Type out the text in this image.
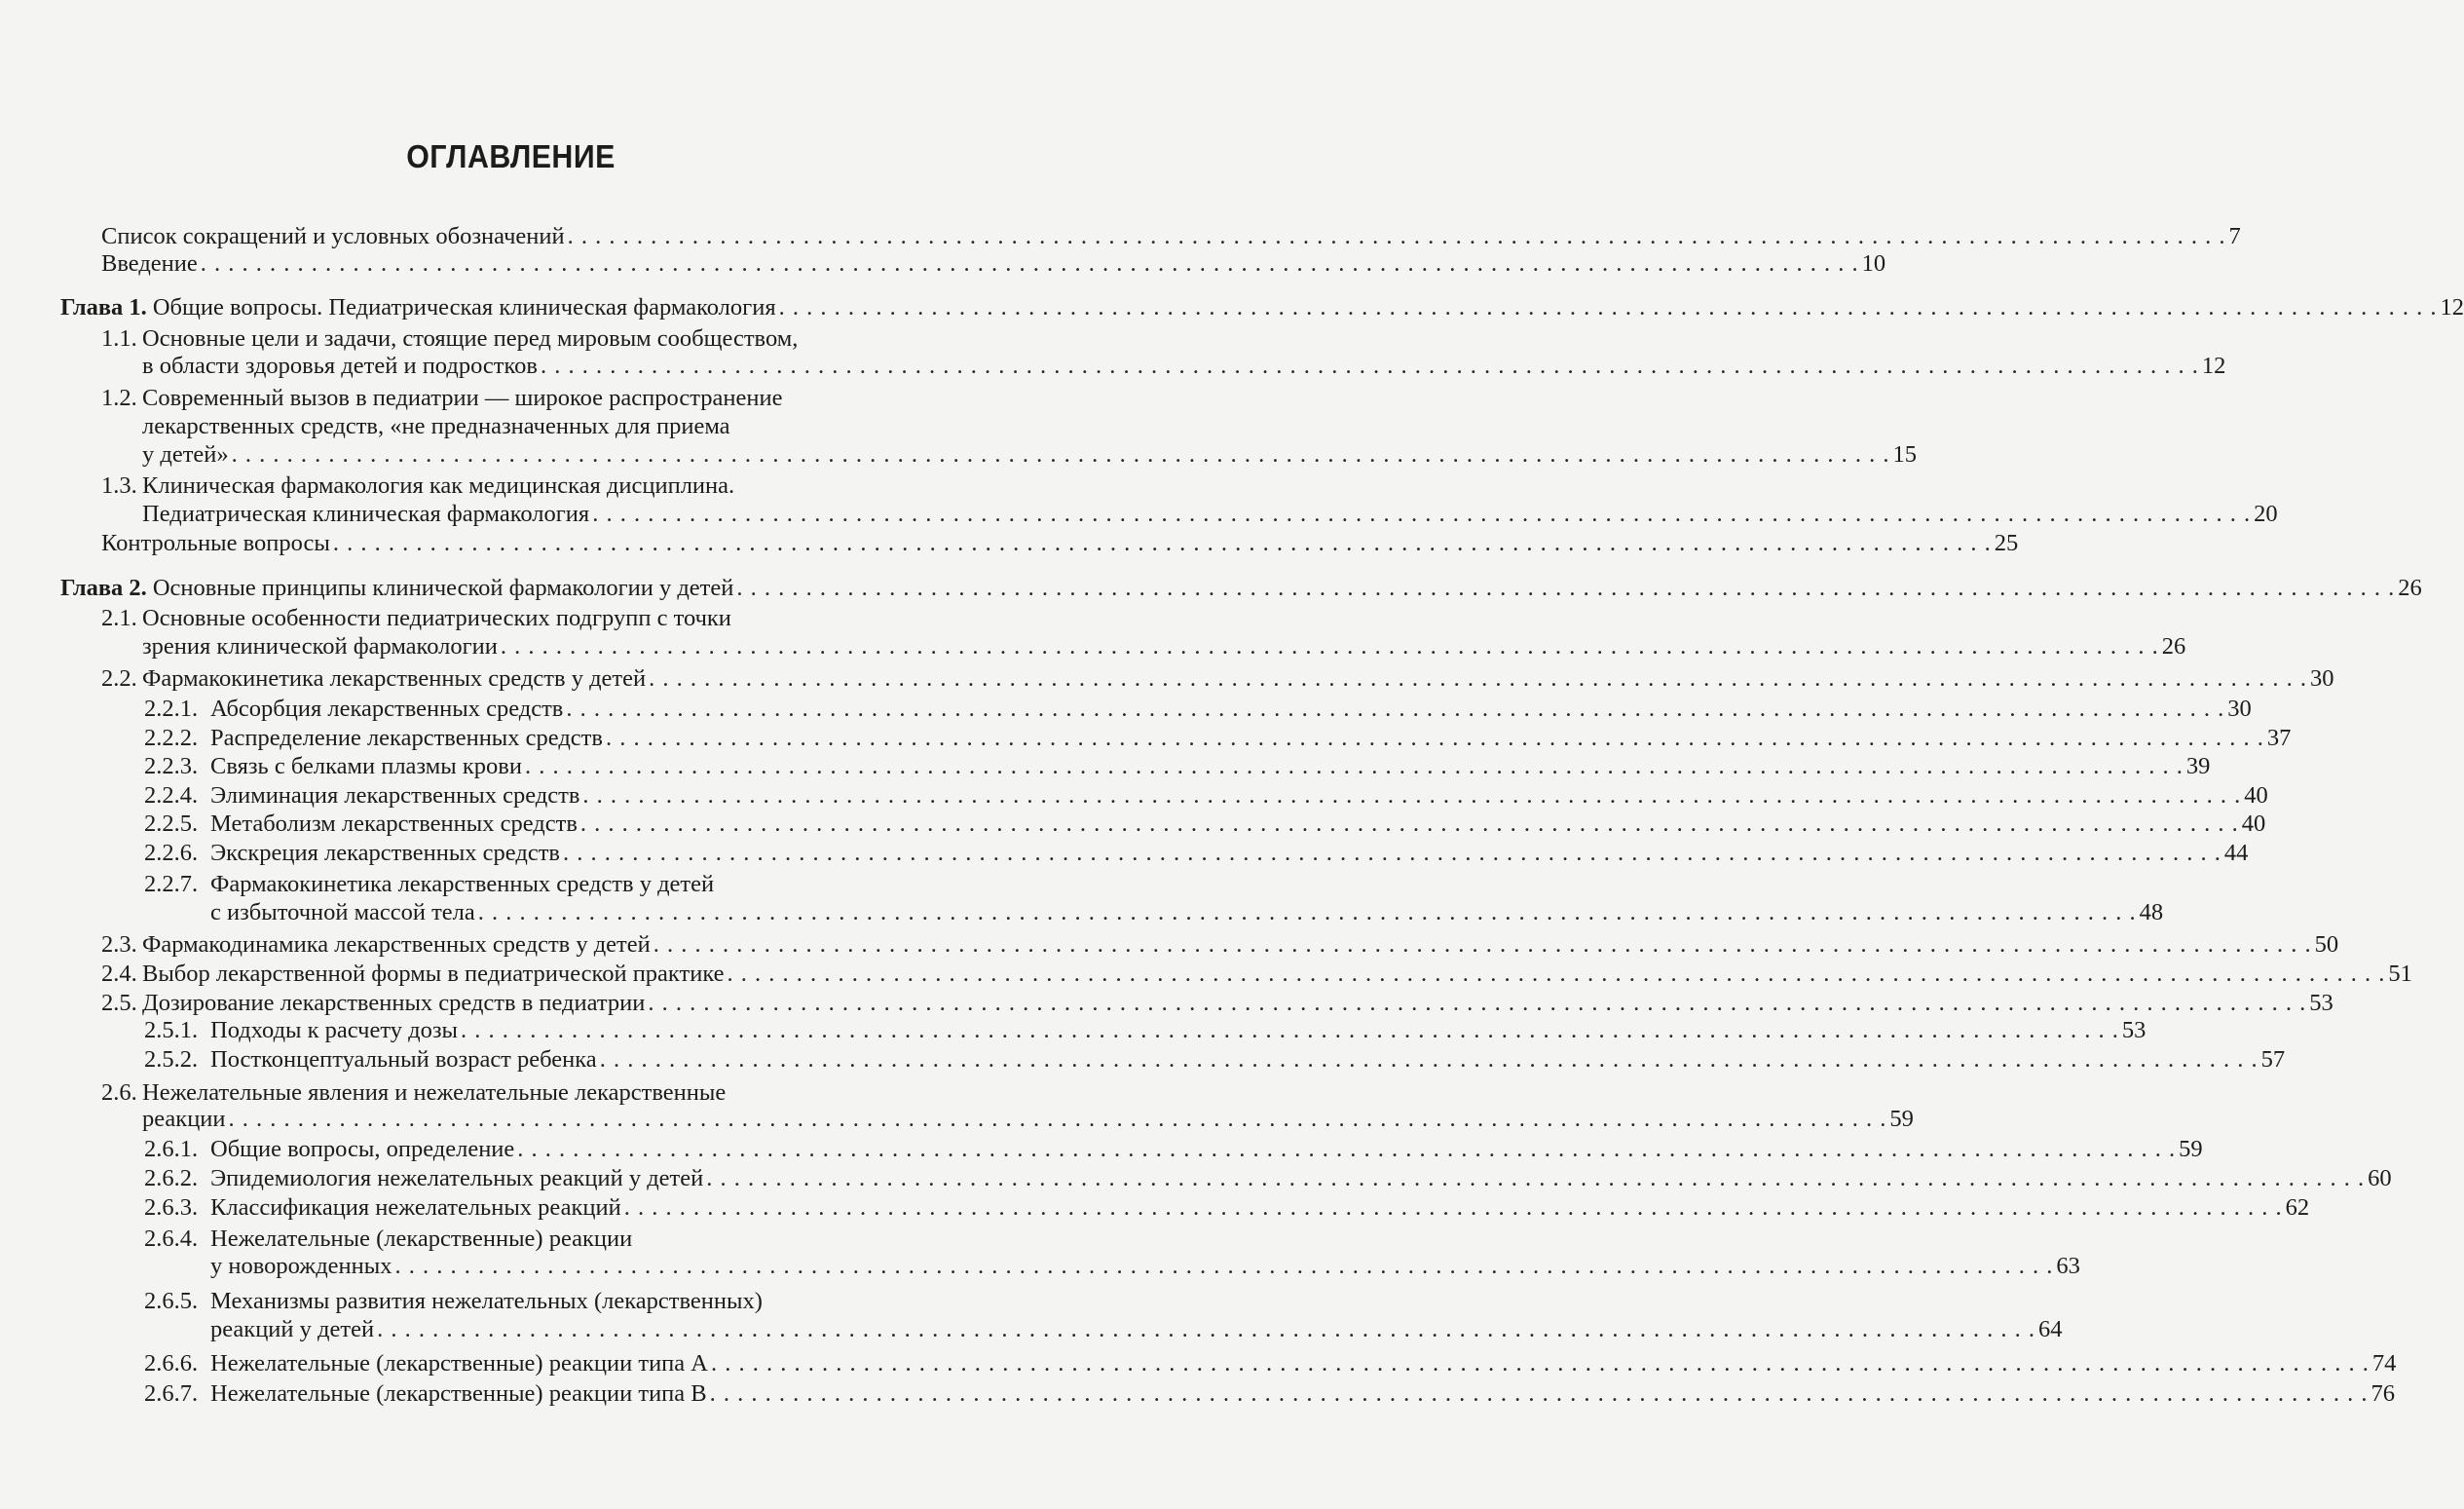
ОГЛАВЛЕНИЕ
Список сокращений и условных обозначений . . . . . . . . . . . . . . . . . . . . . . . . . . . . . . . . . . . . . . . . . . . . . . . . . . . . . . . . . . . . . . . . . . . . . . . . . . . . . . . . . . . . . . . . . . . . . . . . . . . . . . . . . . . . . . . . . . . . . . . . 7
Введение . . . . . . . . . . . . . . . . . . . . . . . . . . . . . . . . . . . . . . . . . . . . . . . . . . . . . . . . . . . . . . . . . . . . . . . . . . . . . . . . . . . . . . . . . . . . . . . . . . . . . . . . . . . . . . . . . . . . . . . . 10
Глава 1. Общие вопросы. Педиатрическая клиническая фармакология . . . . . . . . . . . . . . . . . . . . . . . . . . . . . . . . . . . . . . . . . . . . . . . . . . . . . . . . . . . . . . . . . . . . . . . . . . . . . . . . . . . . . . . . . . . . . . . . . . . . . . . . . . . . . . . . . . . . . . . . 12
1.1. Основные цели и задачи, стоящие перед мировым сообществом,
в области здоровья детей и подростков . . . . . . . . . . . . . . . . . . . . . . . . . . . . . . . . . . . . . . . . . . . . . . . . . . . . . . . . . . . . . . . . . . . . . . . . . . . . . . . . . . . . . . . . . . . . . . . . . . . . . . . . . . . . . . . . . . . . . . . . 12
1.2. Современный вызов в педиатрии — широкое распространение
лекарственных средств, «не предназначенных для приема
у детей» . . . . . . . . . . . . . . . . . . . . . . . . . . . . . . . . . . . . . . . . . . . . . . . . . . . . . . . . . . . . . . . . . . . . . . . . . . . . . . . . . . . . . . . . . . . . . . . . . . . . . . . . . . . . . . . . . . . . . . . . 15
1.3. Клиническая фармакология как медицинская дисциплина.
Педиатрическая клиническая фармакология . . . . . . . . . . . . . . . . . . . . . . . . . . . . . . . . . . . . . . . . . . . . . . . . . . . . . . . . . . . . . . . . . . . . . . . . . . . . . . . . . . . . . . . . . . . . . . . . . . . . . . . . . . . . . . . . . . . . . . . . 20
Контрольные вопросы . . . . . . . . . . . . . . . . . . . . . . . . . . . . . . . . . . . . . . . . . . . . . . . . . . . . . . . . . . . . . . . . . . . . . . . . . . . . . . . . . . . . . . . . . . . . . . . . . . . . . . . . . . . . . . . . . . . . . . . . 25
Глава 2. Основные принципы клинической фармакологии у детей . . . . . . . . . . . . . . . . . . . . . . . . . . . . . . . . . . . . . . . . . . . . . . . . . . . . . . . . . . . . . . . . . . . . . . . . . . . . . . . . . . . . . . . . . . . . . . . . . . . . . . . . . . . . . . . . . . . . . . . . 26
2.1. Основные особенности педиатрических подгрупп с точки
зрения клинической фармакологии . . . . . . . . . . . . . . . . . . . . . . . . . . . . . . . . . . . . . . . . . . . . . . . . . . . . . . . . . . . . . . . . . . . . . . . . . . . . . . . . . . . . . . . . . . . . . . . . . . . . . . . . . . . . . . . . . . . . . . . . 26
2.2. Фармакокинетика лекарственных средств у детей . . . . . . . . . . . . . . . . . . . . . . . . . . . . . . . . . . . . . . . . . . . . . . . . . . . . . . . . . . . . . . . . . . . . . . . . . . . . . . . . . . . . . . . . . . . . . . . . . . . . . . . . . . . . . . . . . . . . . . . . 30
2.2.1. Абсорбция лекарственных средств . . . . . . . . . . . . . . . . . . . . . . . . . . . . . . . . . . . . . . . . . . . . . . . . . . . . . . . . . . . . . . . . . . . . . . . . . . . . . . . . . . . . . . . . . . . . . . . . . . . . . . . . . . . . . . . . . . . . . . . . 30
2.2.2. Распределение лекарственных средств . . . . . . . . . . . . . . . . . . . . . . . . . . . . . . . . . . . . . . . . . . . . . . . . . . . . . . . . . . . . . . . . . . . . . . . . . . . . . . . . . . . . . . . . . . . . . . . . . . . . . . . . . . . . . . . . . . . . . . . . 37
2.2.3. Связь с белками плазмы крови . . . . . . . . . . . . . . . . . . . . . . . . . . . . . . . . . . . . . . . . . . . . . . . . . . . . . . . . . . . . . . . . . . . . . . . . . . . . . . . . . . . . . . . . . . . . . . . . . . . . . . . . . . . . . . . . . . . . . . . . 39
2.2.4. Элиминация лекарственных средств . . . . . . . . . . . . . . . . . . . . . . . . . . . . . . . . . . . . . . . . . . . . . . . . . . . . . . . . . . . . . . . . . . . . . . . . . . . . . . . . . . . . . . . . . . . . . . . . . . . . . . . . . . . . . . . . . . . . . . . . 40
2.2.5. Метаболизм лекарственных средств . . . . . . . . . . . . . . . . . . . . . . . . . . . . . . . . . . . . . . . . . . . . . . . . . . . . . . . . . . . . . . . . . . . . . . . . . . . . . . . . . . . . . . . . . . . . . . . . . . . . . . . . . . . . . . . . . . . . . . . . 40
2.2.6. Экскреция лекарственных средств . . . . . . . . . . . . . . . . . . . . . . . . . . . . . . . . . . . . . . . . . . . . . . . . . . . . . . . . . . . . . . . . . . . . . . . . . . . . . . . . . . . . . . . . . . . . . . . . . . . . . . . . . . . . . . . . . . . . . . . . 44
2.2.7. Фармакокинетика лекарственных средств у детей
с избыточной массой тела . . . . . . . . . . . . . . . . . . . . . . . . . . . . . . . . . . . . . . . . . . . . . . . . . . . . . . . . . . . . . . . . . . . . . . . . . . . . . . . . . . . . . . . . . . . . . . . . . . . . . . . . . . . . . . . . . . . . . . . . 48
2.3. Фармакодинамика лекарственных средств у детей . . . . . . . . . . . . . . . . . . . . . . . . . . . . . . . . . . . . . . . . . . . . . . . . . . . . . . . . . . . . . . . . . . . . . . . . . . . . . . . . . . . . . . . . . . . . . . . . . . . . . . . . . . . . . . . . . . . . . . . . 50
2.4. Выбор лекарственной формы в педиатрической практике . . . . . . . . . . . . . . . . . . . . . . . . . . . . . . . . . . . . . . . . . . . . . . . . . . . . . . . . . . . . . . . . . . . . . . . . . . . . . . . . . . . . . . . . . . . . . . . . . . . . . . . . . . . . . . . . . . . . . . . . 51
2.5. Дозирование лекарственных средств в педиатрии . . . . . . . . . . . . . . . . . . . . . . . . . . . . . . . . . . . . . . . . . . . . . . . . . . . . . . . . . . . . . . . . . . . . . . . . . . . . . . . . . . . . . . . . . . . . . . . . . . . . . . . . . . . . . . . . . . . . . . . . 53
2.5.1. Подходы к расчету дозы . . . . . . . . . . . . . . . . . . . . . . . . . . . . . . . . . . . . . . . . . . . . . . . . . . . . . . . . . . . . . . . . . . . . . . . . . . . . . . . . . . . . . . . . . . . . . . . . . . . . . . . . . . . . . . . . . . . . . . . . 53
2.5.2. Постконцептуальный возраст ребенка . . . . . . . . . . . . . . . . . . . . . . . . . . . . . . . . . . . . . . . . . . . . . . . . . . . . . . . . . . . . . . . . . . . . . . . . . . . . . . . . . . . . . . . . . . . . . . . . . . . . . . . . . . . . . . . . . . . . . . . . 57
2.6. Нежелательные явления и нежелательные лекарственные
реакции . . . . . . . . . . . . . . . . . . . . . . . . . . . . . . . . . . . . . . . . . . . . . . . . . . . . . . . . . . . . . . . . . . . . . . . . . . . . . . . . . . . . . . . . . . . . . . . . . . . . . . . . . . . . . . . . . . . . . . . . 59
2.6.1. Общие вопросы, определение . . . . . . . . . . . . . . . . . . . . . . . . . . . . . . . . . . . . . . . . . . . . . . . . . . . . . . . . . . . . . . . . . . . . . . . . . . . . . . . . . . . . . . . . . . . . . . . . . . . . . . . . . . . . . . . . . . . . . . . . 59
2.6.2. Эпидемиология нежелательных реакций у детей . . . . . . . . . . . . . . . . . . . . . . . . . . . . . . . . . . . . . . . . . . . . . . . . . . . . . . . . . . . . . . . . . . . . . . . . . . . . . . . . . . . . . . . . . . . . . . . . . . . . . . . . . . . . . . . . . . . . . . . . 60
2.6.3. Классификация нежелательных реакций . . . . . . . . . . . . . . . . . . . . . . . . . . . . . . . . . . . . . . . . . . . . . . . . . . . . . . . . . . . . . . . . . . . . . . . . . . . . . . . . . . . . . . . . . . . . . . . . . . . . . . . . . . . . . . . . . . . . . . . . 62
2.6.4. Нежелательные (лекарственные) реакции
у новорожденных . . . . . . . . . . . . . . . . . . . . . . . . . . . . . . . . . . . . . . . . . . . . . . . . . . . . . . . . . . . . . . . . . . . . . . . . . . . . . . . . . . . . . . . . . . . . . . . . . . . . . . . . . . . . . . . . . . . . . . . . 63
2.6.5. Механизмы развития нежелательных (лекарственных)
реакций у детей . . . . . . . . . . . . . . . . . . . . . . . . . . . . . . . . . . . . . . . . . . . . . . . . . . . . . . . . . . . . . . . . . . . . . . . . . . . . . . . . . . . . . . . . . . . . . . . . . . . . . . . . . . . . . . . . . . . . . . . . 64
2.6.6. Нежелательные (лекарственные) реакции типа А . . . . . . . . . . . . . . . . . . . . . . . . . . . . . . . . . . . . . . . . . . . . . . . . . . . . . . . . . . . . . . . . . . . . . . . . . . . . . . . . . . . . . . . . . . . . . . . . . . . . . . . . . . . . . . . . . . . . . . . . 74
2.6.7. Нежелательные (лекарственные) реакции типа В . . . . . . . . . . . . . . . . . . . . . . . . . . . . . . . . . . . . . . . . . . . . . . . . . . . . . . . . . . . . . . . . . . . . . . . . . . . . . . . . . . . . . . . . . . . . . . . . . . . . . . . . . . . . . . . . . . . . . . . . 76
